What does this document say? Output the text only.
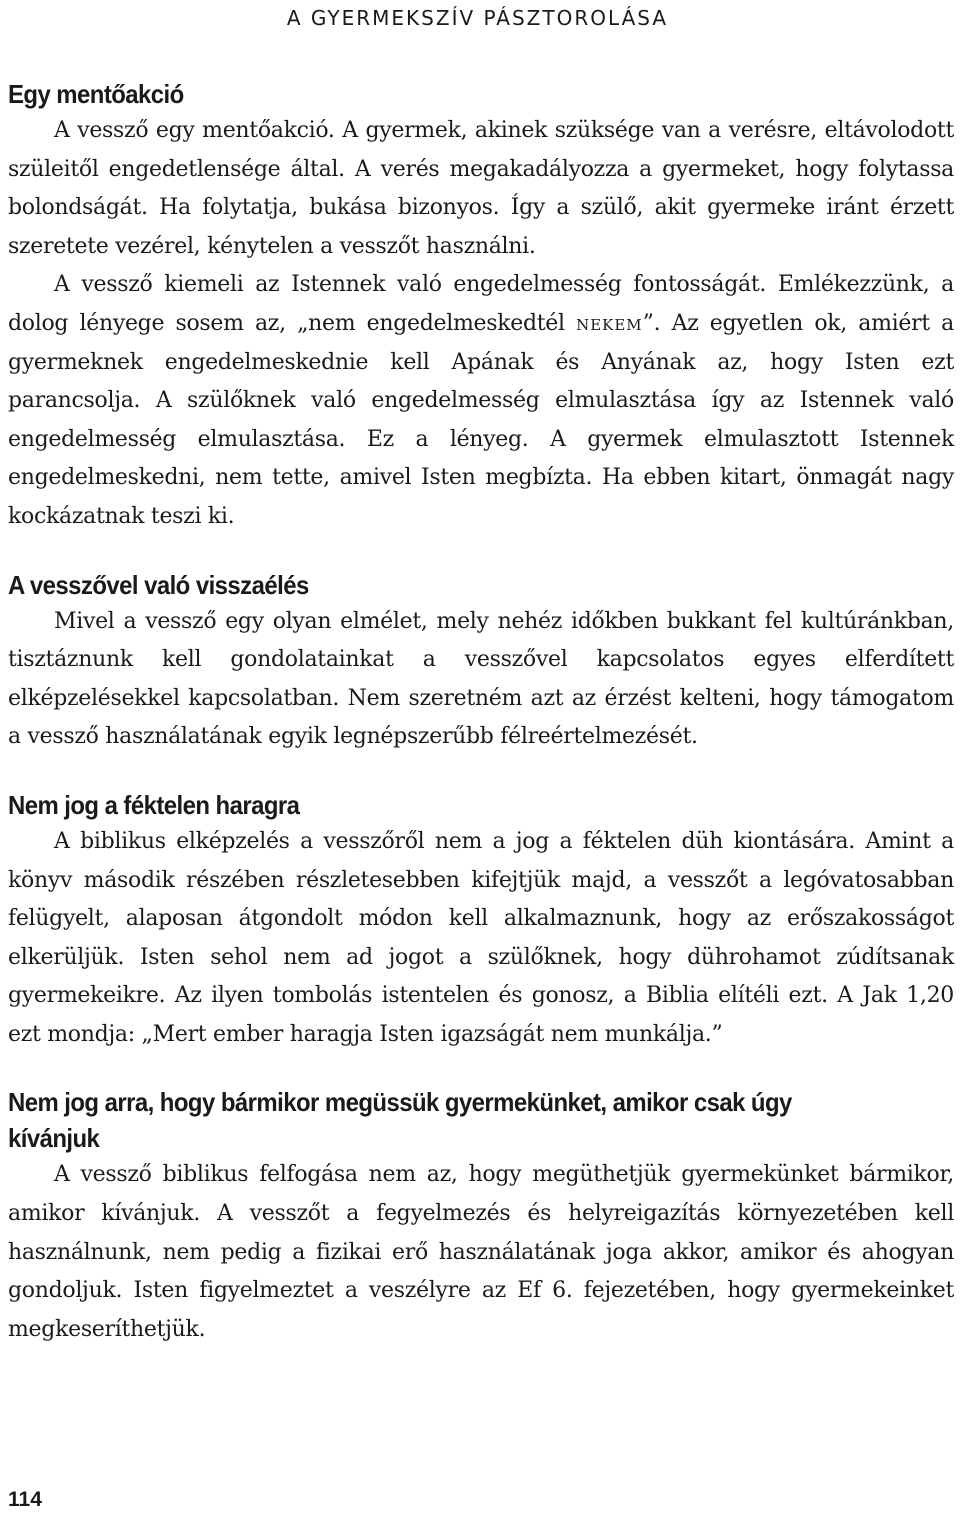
A GYERMEKSZÍV PÁSZTOROLÁSA
Egy mentőakció

A vessző egy mentőakció. A gyermek, akinek szüksége van a verésre, eltávolodott szüleitől engedetlensége által. A verés megakadályozza a gyermeket, hogy folytassa bolondságát. Ha folytatja, bukása bizonyos. Így a szülő, akit gyermeke iránt érzett szeretete vezérel, kénytelen a vesszőt használni.

A vessző kiemeli az Istennek való engedelmesség fontosságát. Emlékezzünk, a dolog lényege sosem az, „nem engedelmeskedtél nekem”. Az egyetlen ok, amiért a gyermeknek engedelmeskednie kell Apának és Anyának az, hogy Isten ezt parancsolja. A szülőknek való engedelmesség elmulasztása így az Istennek való engedelmesség elmulasztása. Ez a lényeg. A gyermek elmulasztott Istennek engedelmeskedni, nem tette, amivel Isten megbízta. Ha ebben kitart, önmagát nagy kockázatnak teszi ki.

A vesszővel való visszaélés

Mivel a vessző egy olyan elmélet, mely nehéz időkben bukkant fel kultúránkban, tisztáznunk kell gondolatainkat a vesszővel kapcsolatos egyes elferdített elképzelésekkel kapcsolatban. Nem szeretném azt az érzést kelteni, hogy támogatom a vessző használatának egyik legnépszerűbb félreértelmezését.

Nem jog a féktelen haragra

A biblikus elképzelés a vesszőről nem a jog a féktelen düh kiontására. Amint a könyv második részében részletesebben kifejtjük majd, a vesszőt a legóvatosabban felügyelt, alaposan átgondolt módon kell alkalmaznunk, hogy az erőszakosságot elkerüljük. Isten sehol nem ad jogot a szülőknek, hogy dührohamot zúdítsanak gyermekeikre. Az ilyen tombolás istentelen és gonosz, a Biblia elítéli ezt. A Jak 1,20 ezt mondja: „Mert ember haragja Isten igazságát nem munkálja.”

Nem jog arra, hogy bármikor megüssük gyermekünket, amikor csak úgy kívánjuk

A vessző biblikus felfogása nem az, hogy megüthetjük gyermekünket bármikor, amikor kívánjuk. A vesszőt a fegyelmezés és helyreigazítás környezetében kell használnunk, nem pedig a fizikai erő használatának joga akkor, amikor és ahogyan gondoljuk. Isten figyelmeztet a veszélyre az Ef 6. fejezetében, hogy gyermekeinket megkeseríthetjük.

114
